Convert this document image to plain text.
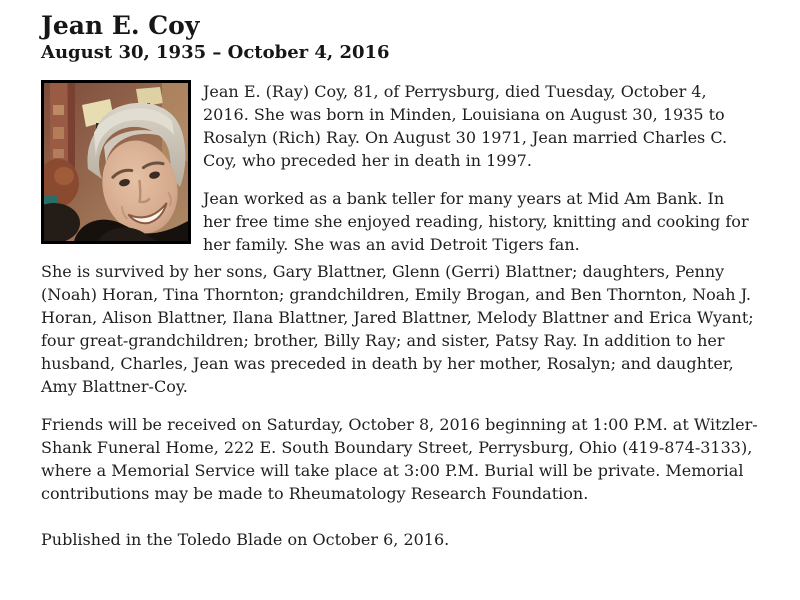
Jean E. Coy
August 30, 1935 – October 4, 2016

Jean E. (Ray) Coy, 81, of Perrysburg, died Tuesday, October 4, 2016. She was born in Minden, Louisiana on August 30, 1935 to Rosalyn (Rich) Ray. On August 30 1971, Jean married Charles C. Coy, who preceded her in death in 1997.

Jean worked as a bank teller for many years at Mid Am Bank. In her free time she enjoyed reading, history, knitting and cooking for her family. She was an avid Detroit Tigers fan.

She is survived by her sons, Gary Blattner, Glenn (Gerri) Blattner; daughters, Penny (Noah) Horan, Tina Thornton; grandchildren, Emily Brogan, and Ben Thornton, Noah J. Horan, Alison Blattner, Ilana Blattner, Jared Blattner, Melody Blattner and Erica Wyant; four great-grandchildren; brother, Billy Ray; and sister, Patsy Ray. In addition to her husband, Charles, Jean was preceded in death by her mother, Rosalyn; and daughter, Amy Blattner-Coy.

Friends will be received on Saturday, October 8, 2016 beginning at 1:00 P.M. at Witzler-Shank Funeral Home, 222 E. South Boundary Street, Perrysburg, Ohio (419-874-3133), where a Memorial Service will take place at 3:00 P.M. Burial will be private. Memorial contributions may be made to Rheumatology Research Foundation.

Published in the Toledo Blade on October 6, 2016.
